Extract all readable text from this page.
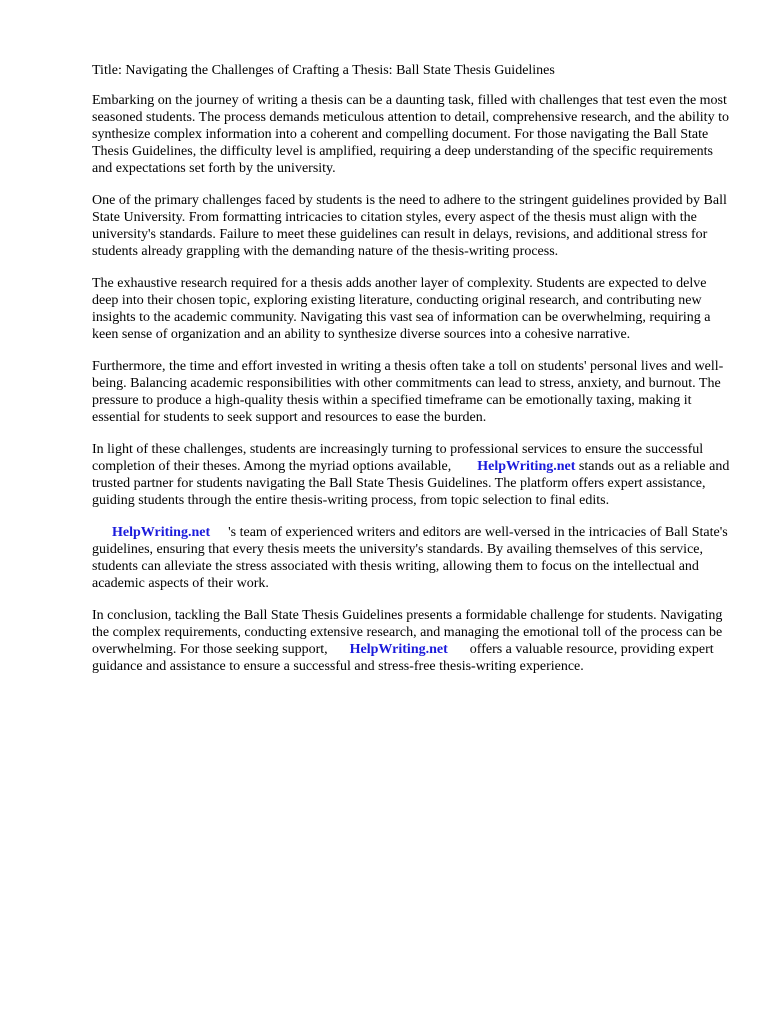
Title: Navigating the Challenges of Crafting a Thesis: Ball State Thesis Guidelines

Embarking on the journey of writing a thesis can be a daunting task, filled with challenges that test even the most seasoned students. The process demands meticulous attention to detail, comprehensive research, and the ability to synthesize complex information into a coherent and compelling document. For those navigating the Ball State Thesis Guidelines, the difficulty level is amplified, requiring a deep understanding of the specific requirements and expectations set forth by the university.

One of the primary challenges faced by students is the need to adhere to the stringent guidelines provided by Ball State University. From formatting intricacies to citation styles, every aspect of the thesis must align with the university's standards. Failure to meet these guidelines can result in delays, revisions, and additional stress for students already grappling with the demanding nature of the thesis-writing process.

The exhaustive research required for a thesis adds another layer of complexity. Students are expected to delve deep into their chosen topic, exploring existing literature, conducting original research, and contributing new insights to the academic community. Navigating this vast sea of information can be overwhelming, requiring a keen sense of organization and an ability to synthesize diverse sources into a cohesive narrative.

Furthermore, the time and effort invested in writing a thesis often take a toll on students' personal lives and well-being. Balancing academic responsibilities with other commitments can lead to stress, anxiety, and burnout. The pressure to produce a high-quality thesis within a specified timeframe can be emotionally taxing, making it essential for students to seek support and resources to ease the burden.

In light of these challenges, students are increasingly turning to professional services to ensure the successful completion of their theses. Among the myriad options available, HelpWriting.net stands out as a reliable and trusted partner for students navigating the Ball State Thesis Guidelines. The platform offers expert assistance, guiding students through the entire thesis-writing process, from topic selection to final edits.

HelpWriting.net 's team of experienced writers and editors are well-versed in the intricacies of Ball State's guidelines, ensuring that every thesis meets the university's standards. By availing themselves of this service, students can alleviate the stress associated with thesis writing, allowing them to focus on the intellectual and academic aspects of their work.

In conclusion, tackling the Ball State Thesis Guidelines presents a formidable challenge for students. Navigating the complex requirements, conducting extensive research, and managing the emotional toll of the process can be overwhelming. For those seeking support, HelpWriting.net offers a valuable resource, providing expert guidance and assistance to ensure a successful and stress-free thesis-writing experience.
